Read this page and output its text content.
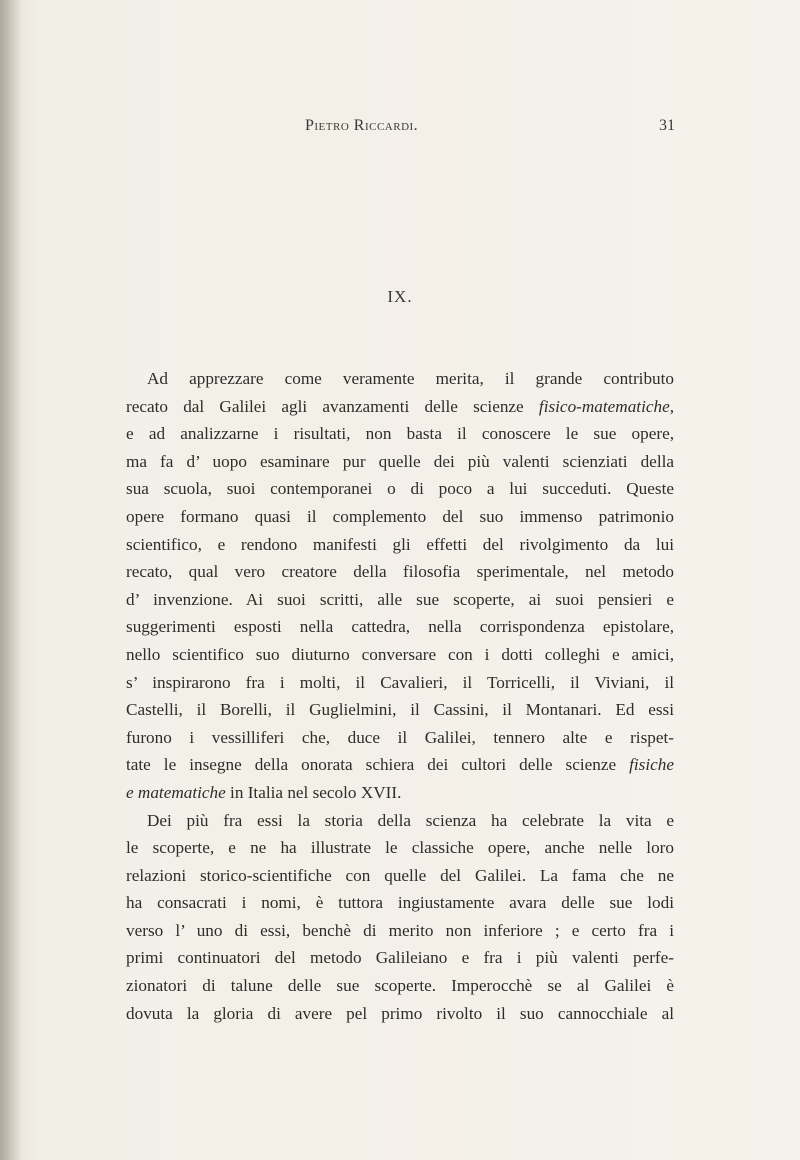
Pietro Riccardi.	31
IX.
Ad apprezzare come veramente merita, il grande contributo
recato dal Galilei agli avanzamenti delle scienze fisico-matematiche,
e ad analizzarne i risultati, non basta il conoscere le sue opere,
ma fa d’ uopo esaminare pur quelle dei più valenti scienziati della
sua scuola, suoi contemporanei o di poco a lui succeduti. Queste
opere formano quasi il complemento del suo immenso patrimonio
scientifico, e rendono manifesti gli effetti del rivolgimento da lui
recato, qual vero creatore della filosofia sperimentale, nel metodo
d’ invenzione. Ai suoi scritti, alle sue scoperte, ai suoi pensieri e
suggerimenti esposti nella cattedra, nella corrispondenza epistolare,
nello scientifico suo diuturno conversare con i dotti colleghi e amici,
s’ inspirarono fra i molti, il Cavalieri, il Torricelli, il Viviani, il
Castelli, il Borelli, il Guglielmini, il Cassini, il Montanari. Ed essi
furono i vessilliferi che, duce il Galilei, tennero alte e rispet-
tate le insegne della onorata schiera dei cultori delle scienze fisiche
e matematiche in Italia nel secolo XVII.
Dei più fra essi la storia della scienza ha celebrate la vita e
le scoperte, e ne ha illustrate le classiche opere, anche nelle loro
relazioni storico-scientifiche con quelle del Galilei. La fama che ne
ha consacrati i nomi, è tuttora ingiustamente avara delle sue lodi
verso l’ uno di essi, benchè di merito non inferiore ; e certo fra i
primi continuatori del metodo Galileiano e fra i più valenti perfe-
zionatori di talune delle sue scoperte. Imperocchè se al Galilei è
dovuta la gloria di avere pel primo rivolto il suo cannocchiale al
